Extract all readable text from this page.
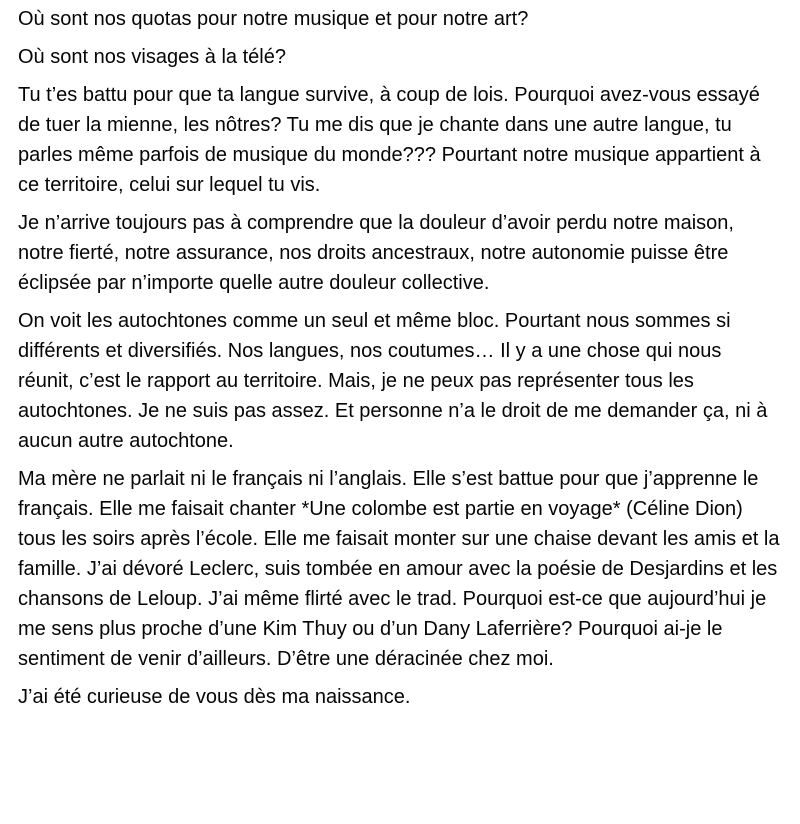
Où sont nos quotas pour notre musique et pour notre art?

Où sont nos visages à la télé?

Tu t’es battu pour que ta langue survive, à coup de lois. Pourquoi avez-vous essayé de tuer la mienne, les nôtres? Tu me dis que je chante dans une autre langue, tu parles même parfois de musique du monde??? Pourtant notre musique appartient à ce territoire, celui sur lequel tu vis.

Je n’arrive toujours pas à comprendre que la douleur d’avoir perdu notre maison, notre fierté, notre assurance, nos droits ancestraux, notre autonomie puisse être éclipsée par n’importe quelle autre douleur collective.

On voit les autochtones comme un seul et même bloc. Pourtant nous sommes si différents et diversifiés. Nos langues, nos coutumes… Il y a une chose qui nous réunit, c’est le rapport au territoire. Mais, je ne peux pas représenter tous les autochtones. Je ne suis pas assez. Et personne n’a le droit de me demander ça, ni à aucun autre autochtone.

Ma mère ne parlait ni le français ni l’anglais. Elle s’est battue pour que j’apprenne le français. Elle me faisait chanter *Une colombe est partie en voyage* (Céline Dion) tous les soirs après l’école. Elle me faisait monter sur une chaise devant les amis et la famille. J’ai dévoré Leclerc, suis tombée en amour avec la poésie de Desjardins et les chansons de Leloup. J’ai même flirté avec le trad. Pourquoi est-ce que aujourd’hui je me sens plus proche d’une Kim Thuy ou d’un Dany Laferrière? Pourquoi ai-je le sentiment de venir d’ailleurs. D’être une déracinée chez moi.

J’ai été curieuse de vous dès ma naissance.
